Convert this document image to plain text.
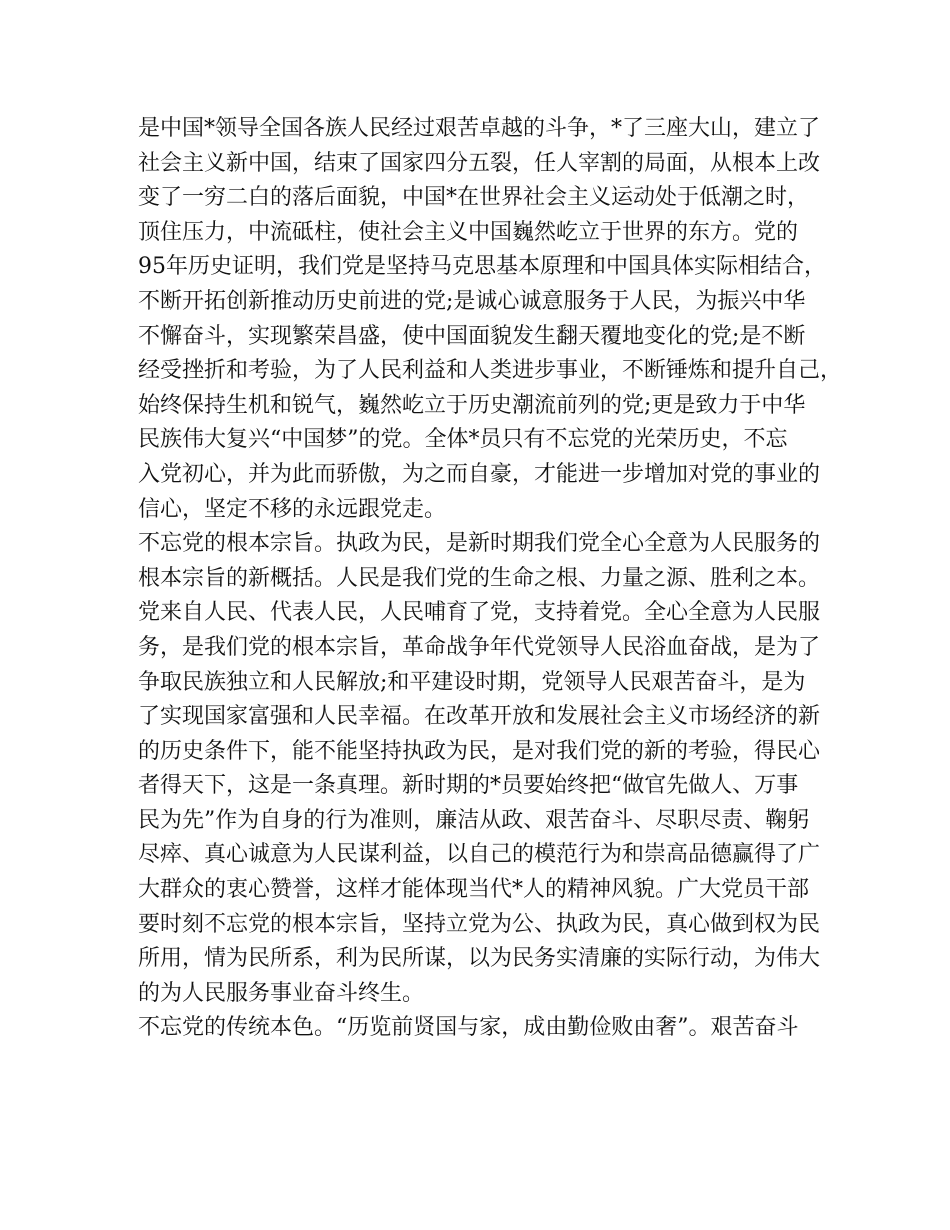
是中国*领导全国各族人民经过艰苦卓越的斗争，*了三座大山，建立了
社会主义新中国，结束了国家四分五裂，任人宰割的局面，从根本上改
变了一穷二白的落后面貌，中国*在世界社会主义运动处于低潮之时，
顶住压力，中流砥柱，使社会主义中国巍然屹立于世界的东方。党的
95年历史证明，我们党是坚持马克思基本原理和中国具体实际相结合，
不断开拓创新推动历史前进的党;是诚心诚意服务于人民，为振兴中华
不懈奋斗，实现繁荣昌盛，使中国面貌发生翻天覆地变化的党;是不断
经受挫折和考验，为了人民利益和人类进步事业，不断锤炼和提升自己，
始终保持生机和锐气，巍然屹立于历史潮流前列的党;更是致力于中华
民族伟大复兴“中国梦”的党。全体*员只有不忘党的光荣历史，不忘
入党初心，并为此而骄傲，为之而自豪，才能进一步增加对党的事业的
信心，坚定不移的永远跟党走。
不忘党的根本宗旨。执政为民，是新时期我们党全心全意为人民服务的
根本宗旨的新概括。人民是我们党的生命之根、力量之源、胜利之本。
党来自人民、代表人民，人民哺育了党，支持着党。全心全意为人民服
务，是我们党的根本宗旨，革命战争年代党领导人民浴血奋战，是为了
争取民族独立和人民解放;和平建设时期，党领导人民艰苦奋斗，是为
了实现国家富强和人民幸福。在改革开放和发展社会主义市场经济的新
的历史条件下，能不能坚持执政为民，是对我们党的新的考验，得民心
者得天下，这是一条真理。新时期的*员要始终把“做官先做人、万事
民为先”作为自身的行为准则，廉洁从政、艰苦奋斗、尽职尽责、鞠躬
尽瘁、真心诚意为人民谋利益，以自己的模范行为和崇高品德赢得了广
大群众的衷心赞誉，这样才能体现当代*人的精神风貌。广大党员干部
要时刻不忘党的根本宗旨，坚持立党为公、执政为民，真心做到权为民
所用，情为民所系，利为民所谋，以为民务实清廉的实际行动，为伟大
的为人民服务事业奋斗终生。
不忘党的传统本色。“历览前贤国与家，成由勤俭败由奢”。艰苦奋斗
